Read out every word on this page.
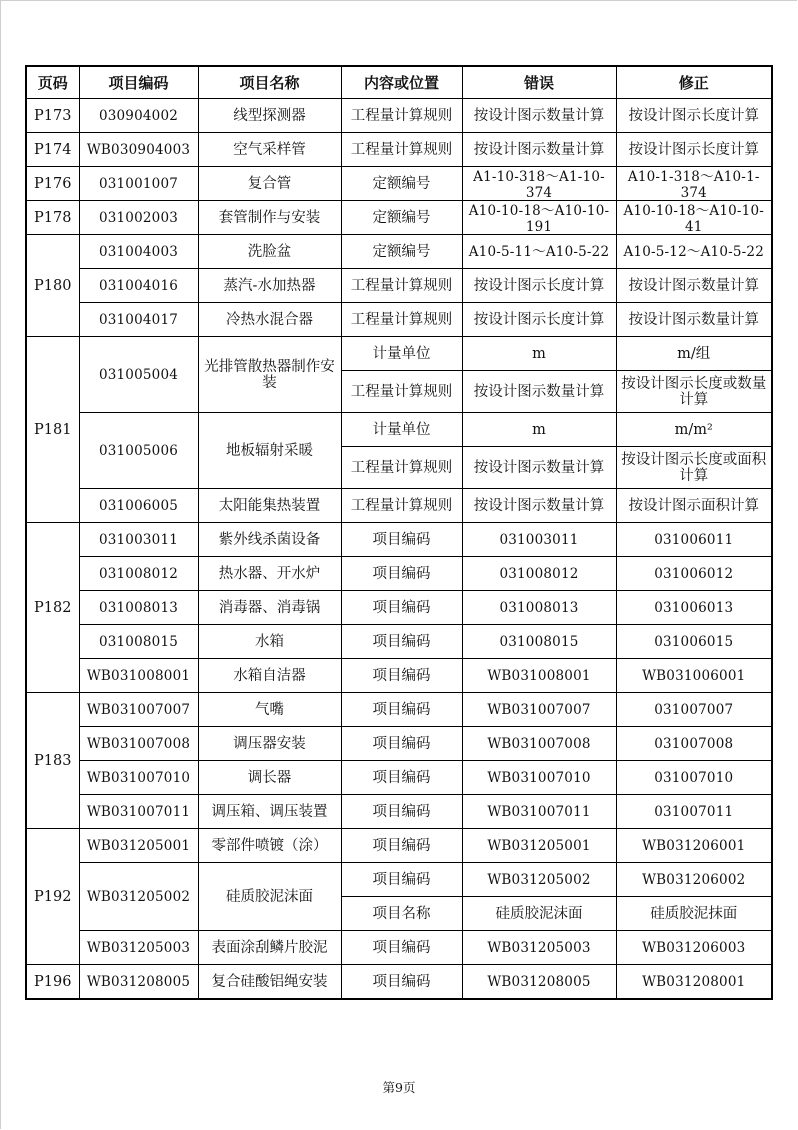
页码	项目编码	项目名称	内容或位置	错误	修正
P173	030904002	线型探测器	工程量计算规则	按设计图示数量计算	按设计图示长度计算
P174	WB030904003	空气采样管	工程量计算规则	按设计图示数量计算	按设计图示长度计算
P176	031001007	复合管	定额编号	A1-10-318～A1-10-374	A10-1-318～A10-1-374

P178	031002003	套管制作与安装	定额编号	A10-10-18～A10-10-191	A10-10-18～A10-10-41

P180	031004003	洗脸盆	定额编号	A10-5-11～A10-5-22	A10-5-12～A10-5-22
	031004016	蒸汽-水加热器	工程量计算规则	按设计图示长度计算	按设计图示数量计算
	031004017	冷热水混合器	工程量计算规则	按设计图示长度计算	按设计图示数量计算
P181	031005004	光排管散热器制作安装	计量单位	m	m/组
			工程量计算规则	按设计图示数量计算	按设计图示长度或数量计算
	031005006	地板辐射采暖	计量单位	m	m/m²
			工程量计算规则	按设计图示数量计算	按设计图示长度或面积计算
	031006005	太阳能集热装置	工程量计算规则	按设计图示数量计算	按设计图示面积计算
P182	031003011	紫外线杀菌设备	项目编码	031003011	031006011
	031008012	热水器、开水炉	项目编码	031008012	031006012
	031008013	消毒器、消毒锅	项目编码	031008013	031006013
	031008015	水箱	项目编码	031008015	031006015
	WB031008001	水箱自洁器	项目编码	WB031008001	WB031006001
P183	WB031007007	气嘴	项目编码	WB031007007	031007007
	WB031007008	调压器安装	项目编码	WB031007008	031007008
	WB031007010	调长器	项目编码	WB031007010	031007010
	WB031007011	调压箱、调压装置	项目编码	WB031007011	031007011
P192	WB031205001	零部件喷镀（涂）	项目编码	WB031205001	WB031206001
	WB031205002	硅质胶泥沫面	项目编码	WB031205002	WB031206002
			项目名称	硅质胶泥沫面	硅质胶泥抹面
	WB031205003	表面涂刮鳞片胶泥	项目编码	WB031205003	WB031206003
P196	WB031208005	复合硅酸铝绳安装	项目编码	WB031208005	WB031208001
第9页
